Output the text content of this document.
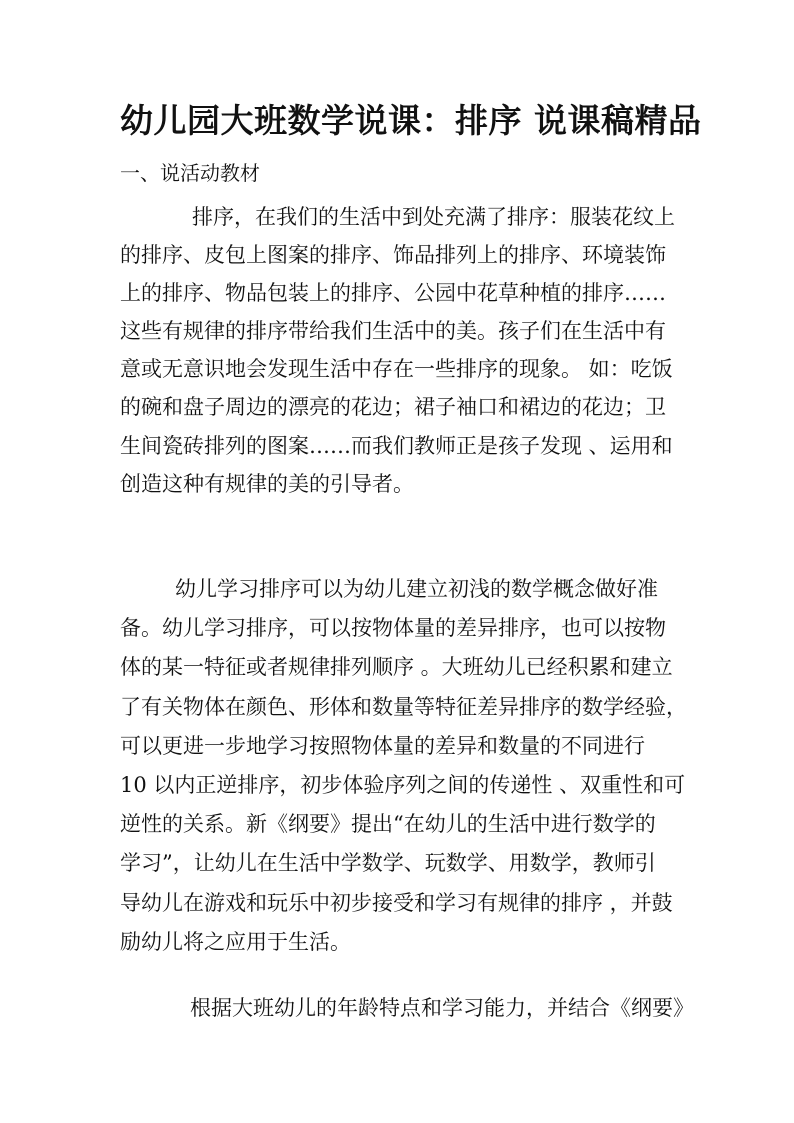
幼儿园大班数学说课：排序 说课稿精品
一、说活动教材
排序，在我们的生活中到处充满了排序：服装花纹上
的排序、皮包上图案的排序、饰品排列上的排序、环境装饰
上的排序、物品包装上的排序、公园中花草种植的排序……
这些有规律的排序带给我们生活中的美。孩子们在生活中有
意或无意识地会发现生活中存在一些排序的现象。 如：吃饭
的碗和盘子周边的漂亮的花边；裙子袖口和裙边的花边；卫
生间瓷砖排列的图案……而我们教师正是孩子发现 、运用和
创造这种有规律的美的引导者。
幼儿学习排序可以为幼儿建立初浅的数学概念做好准
备。幼儿学习排序，可以按物体量的差异排序，也可以按物
体的某一特征或者规律排列顺序 。大班幼儿已经积累和建立
了有关物体在颜色、形体和数量等特征差异排序的数学经验，
可以更进一步地学习按照物体量的差异和数量的不同进行
10 以内正逆排序，初步体验序列之间的传递性 、双重性和可
逆性的关系。新《纲要》提出“在幼儿的生活中进行数学的
学习”，让幼儿在生活中学数学、玩数学、用数学，教师引
导幼儿在游戏和玩乐中初步接受和学习有规律的排序 ，并鼓
励幼儿将之应用于生活。
根据大班幼儿的年龄特点和学习能力，并结合《纲要》
